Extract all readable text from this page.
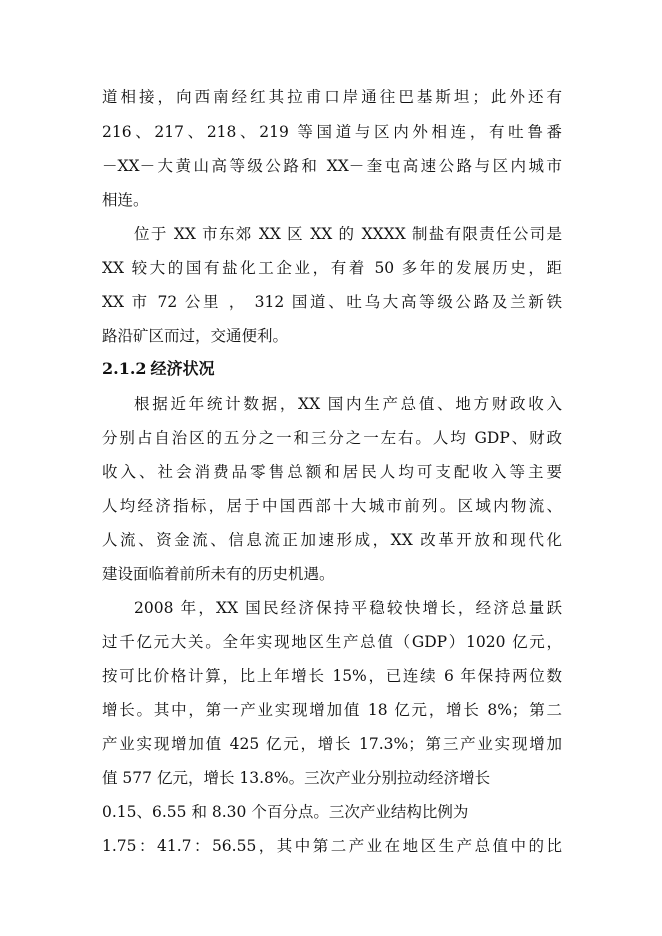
道相接，向西南经红其拉甫口岸通往巴基斯坦；此外还有
216、217、218、219 等国道与区内外相连，有吐鲁番
－XX－大黄山高等级公路和 XX－奎屯高速公路与区内城市
相连。
位于 XX 市东郊 XX 区 XX 的 XXXX 制盐有限责任公司是
XX 较大的国有盐化工企业，有着 50 多年的发展历史，距
XX 市 72 公里 ， 312 国道、吐乌大高等级公路及兰新铁
路沿矿区而过，交通便利。
2.1.2 经济状况
根据近年统计数据，XX 国内生产总值、地方财政收入
分别占自治区的五分之一和三分之一左右。人均 GDP、财政
收入、社会消费品零售总额和居民人均可支配收入等主要
人均经济指标，居于中国西部十大城市前列。区域内物流、
人流、资金流、信息流正加速形成，XX 改革开放和现代化
建设面临着前所未有的历史机遇。
2008 年，XX 国民经济保持平稳较快增长，经济总量跃
过千亿元大关。全年实现地区生产总值（GDP）1020 亿元，
按可比价格计算，比上年增长 15%，已连续 6 年保持两位数
增长。其中，第一产业实现增加值 18 亿元，增长 8%；第二
产业实现增加值 425 亿元，增长 17.3%；第三产业实现增加
值 577 亿元，增长 13.8%。三次产业分别拉动经济增长
0.15、6.55 和 8.30 个百分点。三次产业结构比例为
1.75：41.7：56.55，其中第二产业在地区生产总值中的比
